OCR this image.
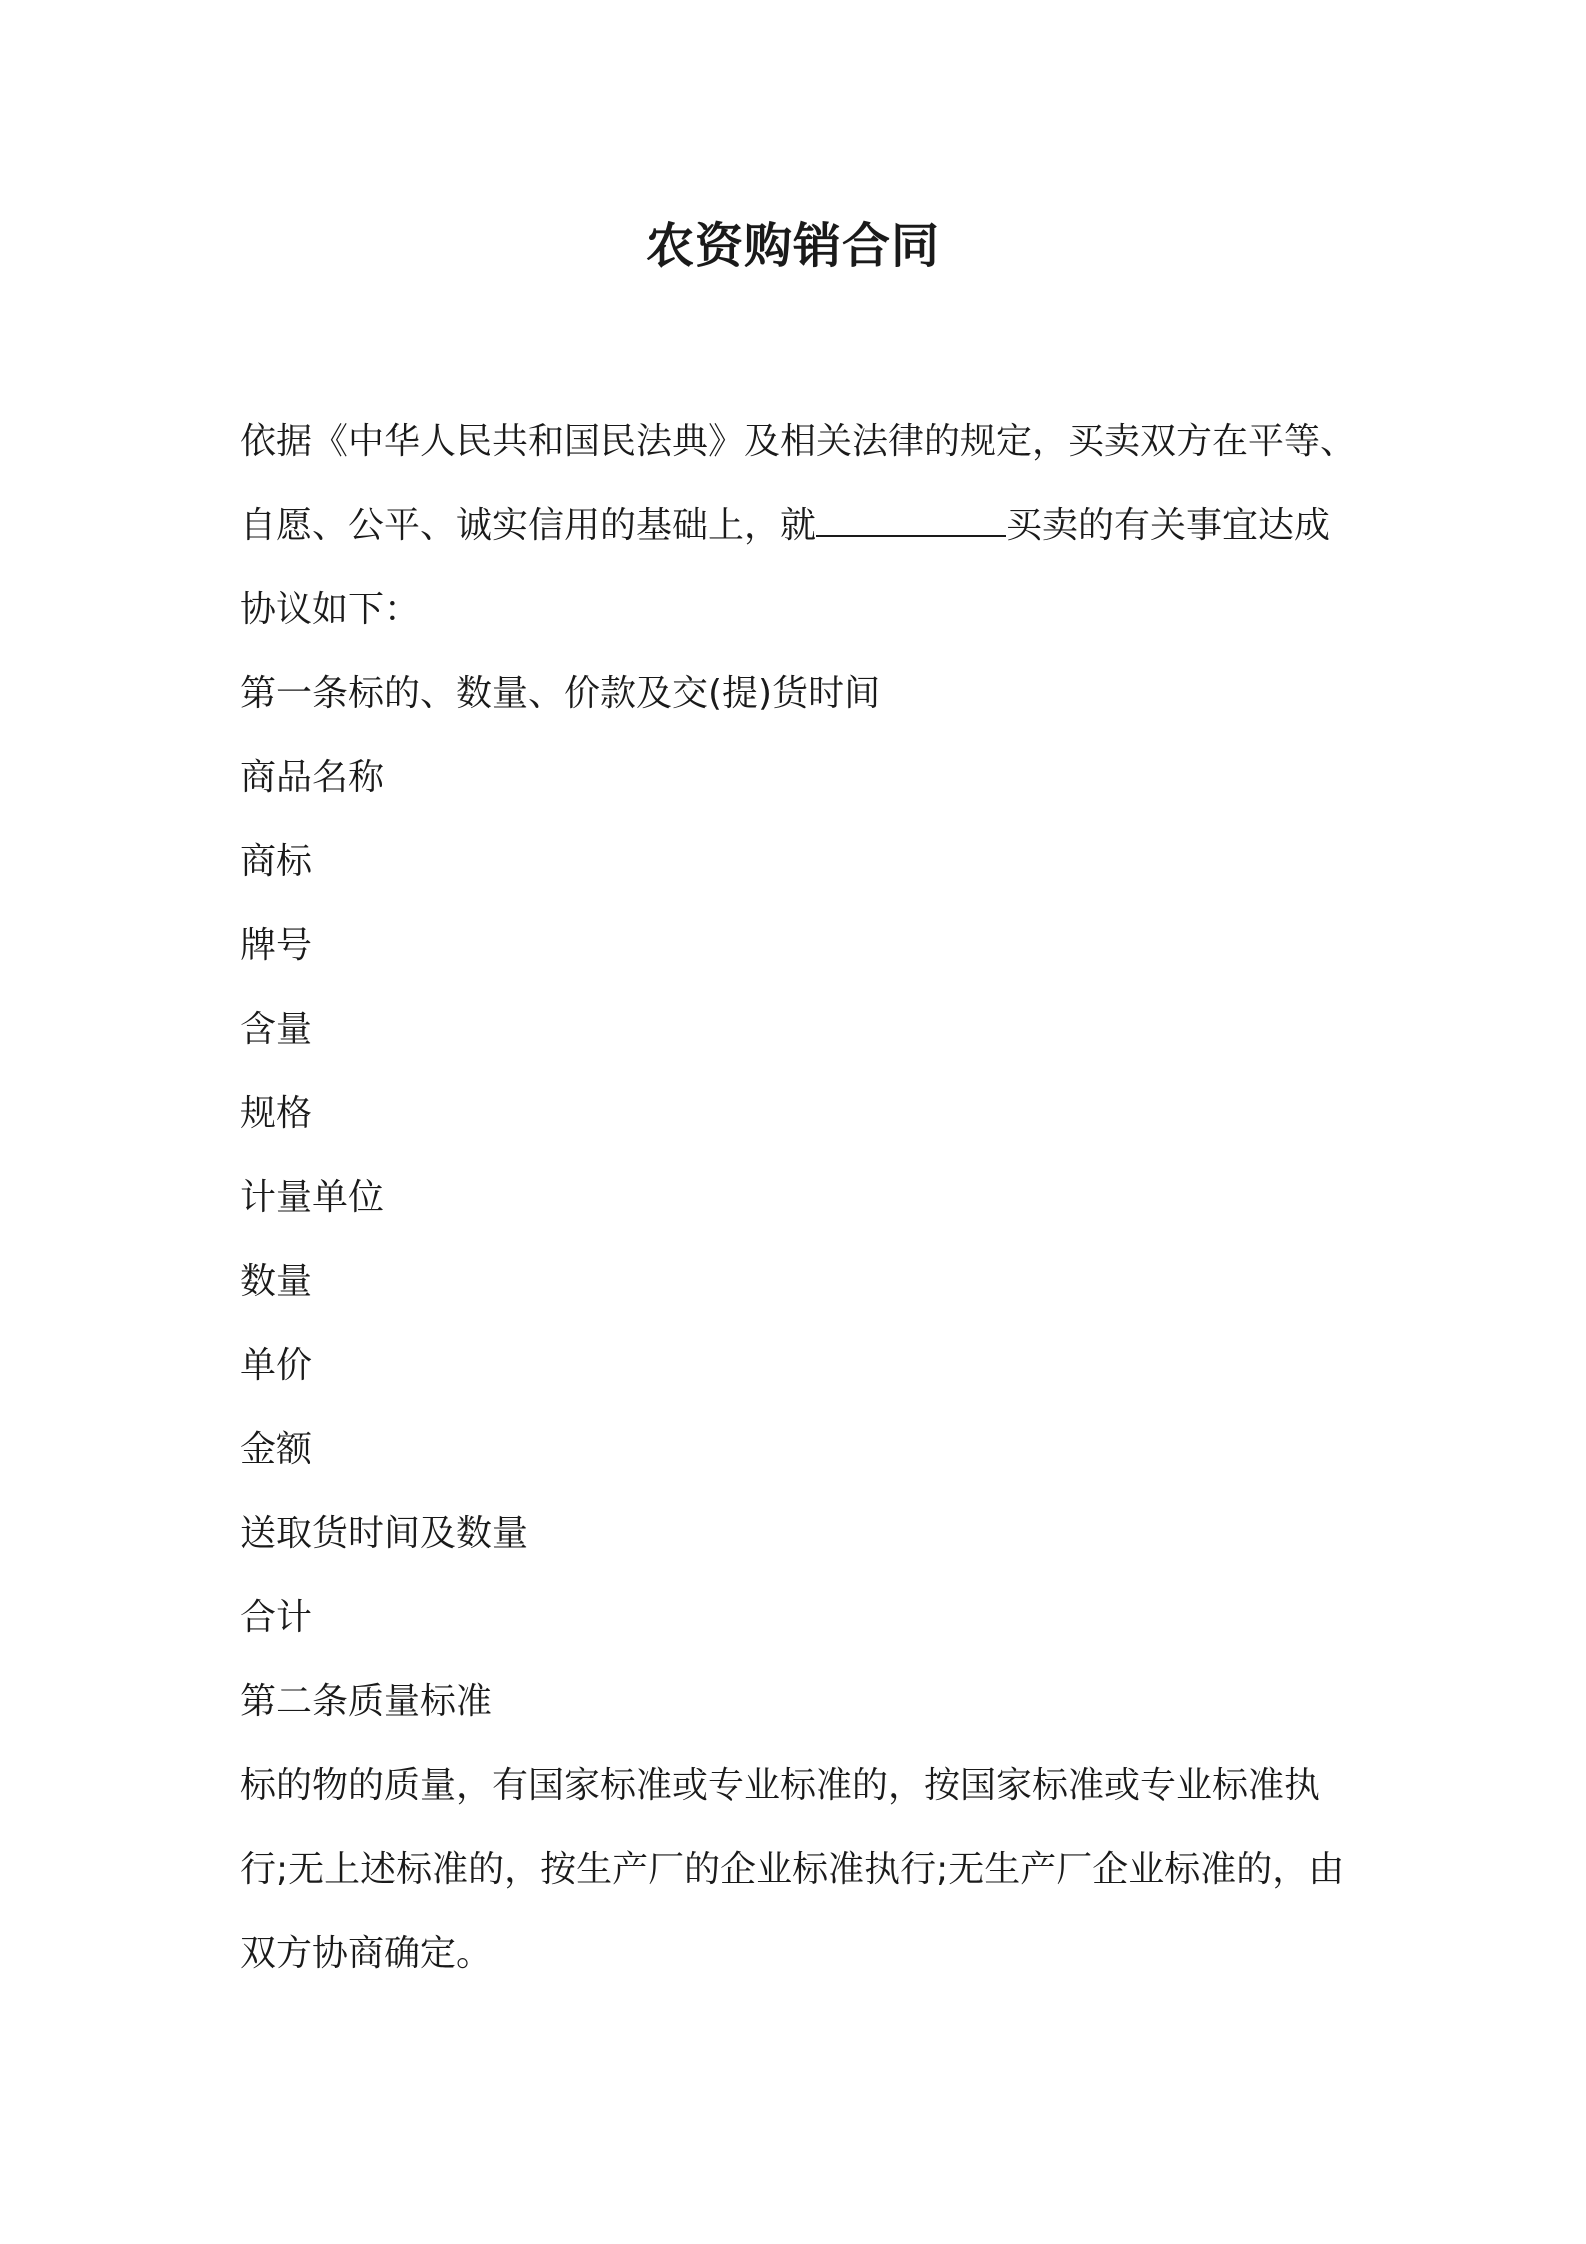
农资购销合同

依据《中华人民共和国民法典》及相关法律的规定，买卖双方在平等、自愿、公平、诚实信用的基础上，就	买卖的有关事宜达成协议如下：

第一条标的、数量、价款及交(提)货时间

商品名称

商标

牌号

含量

规格

计量单位

数量

单价

金额

送取货时间及数量

合计

第二条质量标准

标的物的质量，有国家标准或专业标准的，按国家标准或专业标准执行;无上述标准的，按生产厂的企业标准执行;无生产厂企业标准的，由双方协商确定。
